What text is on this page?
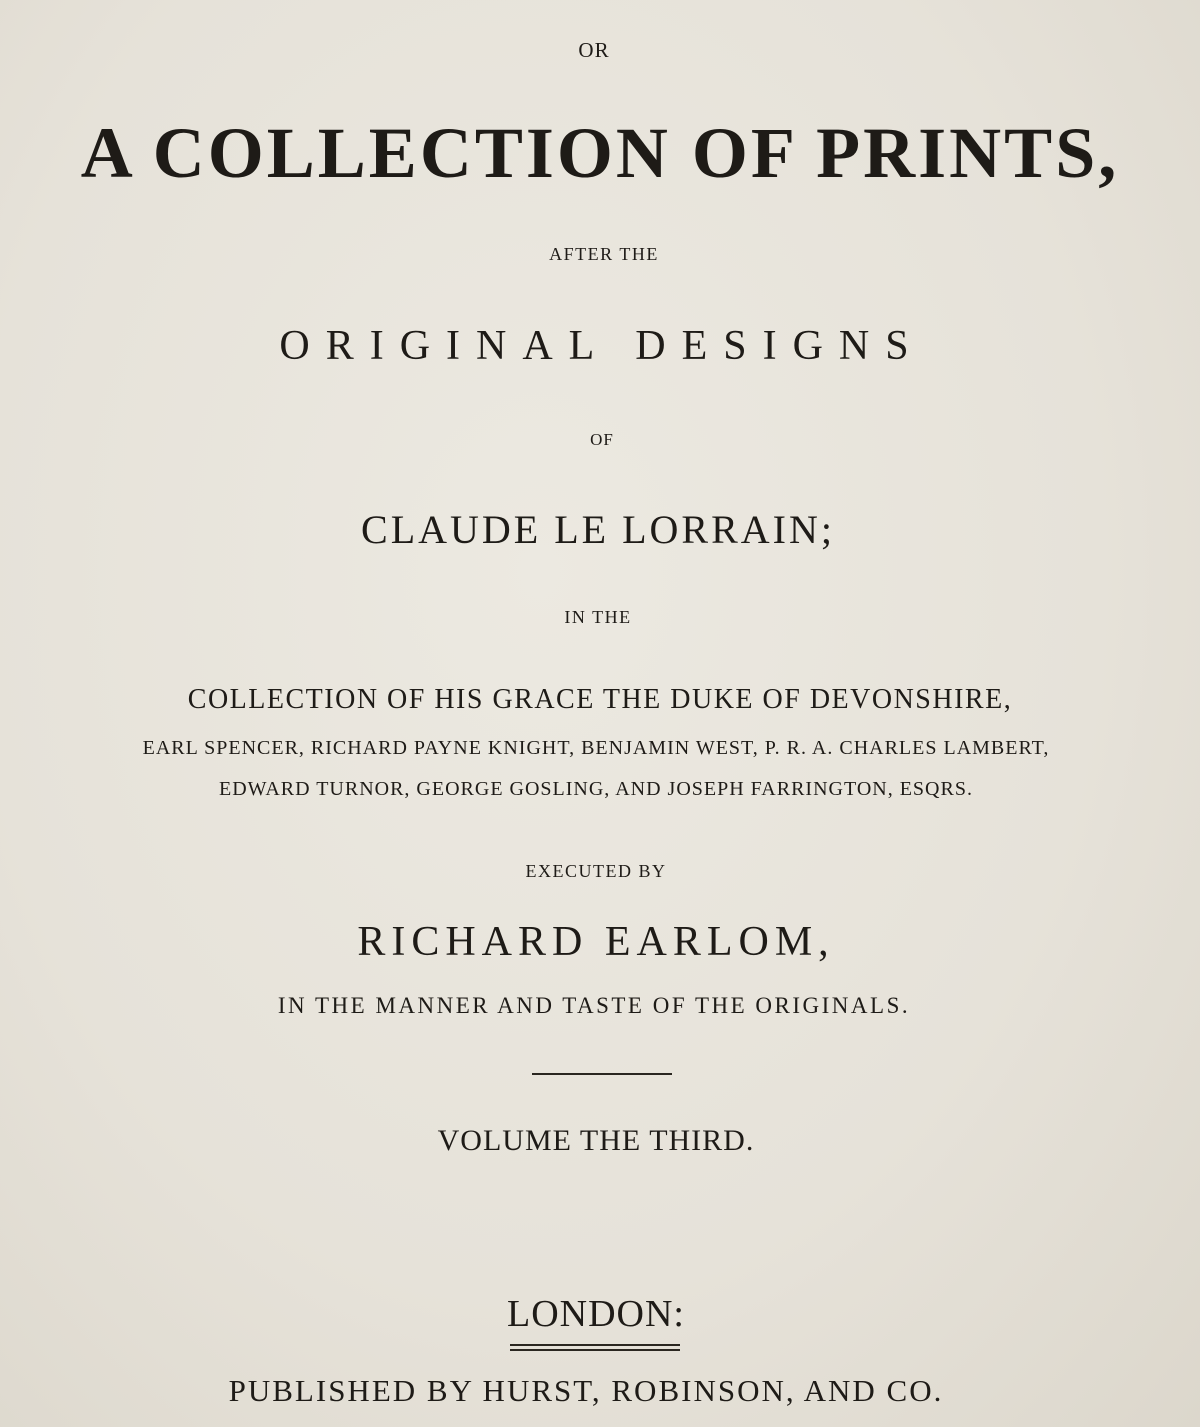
OR
A COLLECTION OF PRINTS,
AFTER THE
ORIGINAL DESIGNS
OF
CLAUDE LE LORRAIN;
IN THE
COLLECTION OF HIS GRACE THE DUKE OF DEVONSHIRE,
EARL SPENCER, RICHARD PAYNE KNIGHT, BENJAMIN WEST, P. R. A. CHARLES LAMBERT,
EDWARD TURNOR, GEORGE GOSLING, AND JOSEPH FARRINGTON, ESQRS.
EXECUTED BY
RICHARD EARLOM,
IN THE MANNER AND TASTE OF THE ORIGINALS.
VOLUME THE THIRD.
LONDON:
PUBLISHED BY HURST, ROBINSON, AND CO.
